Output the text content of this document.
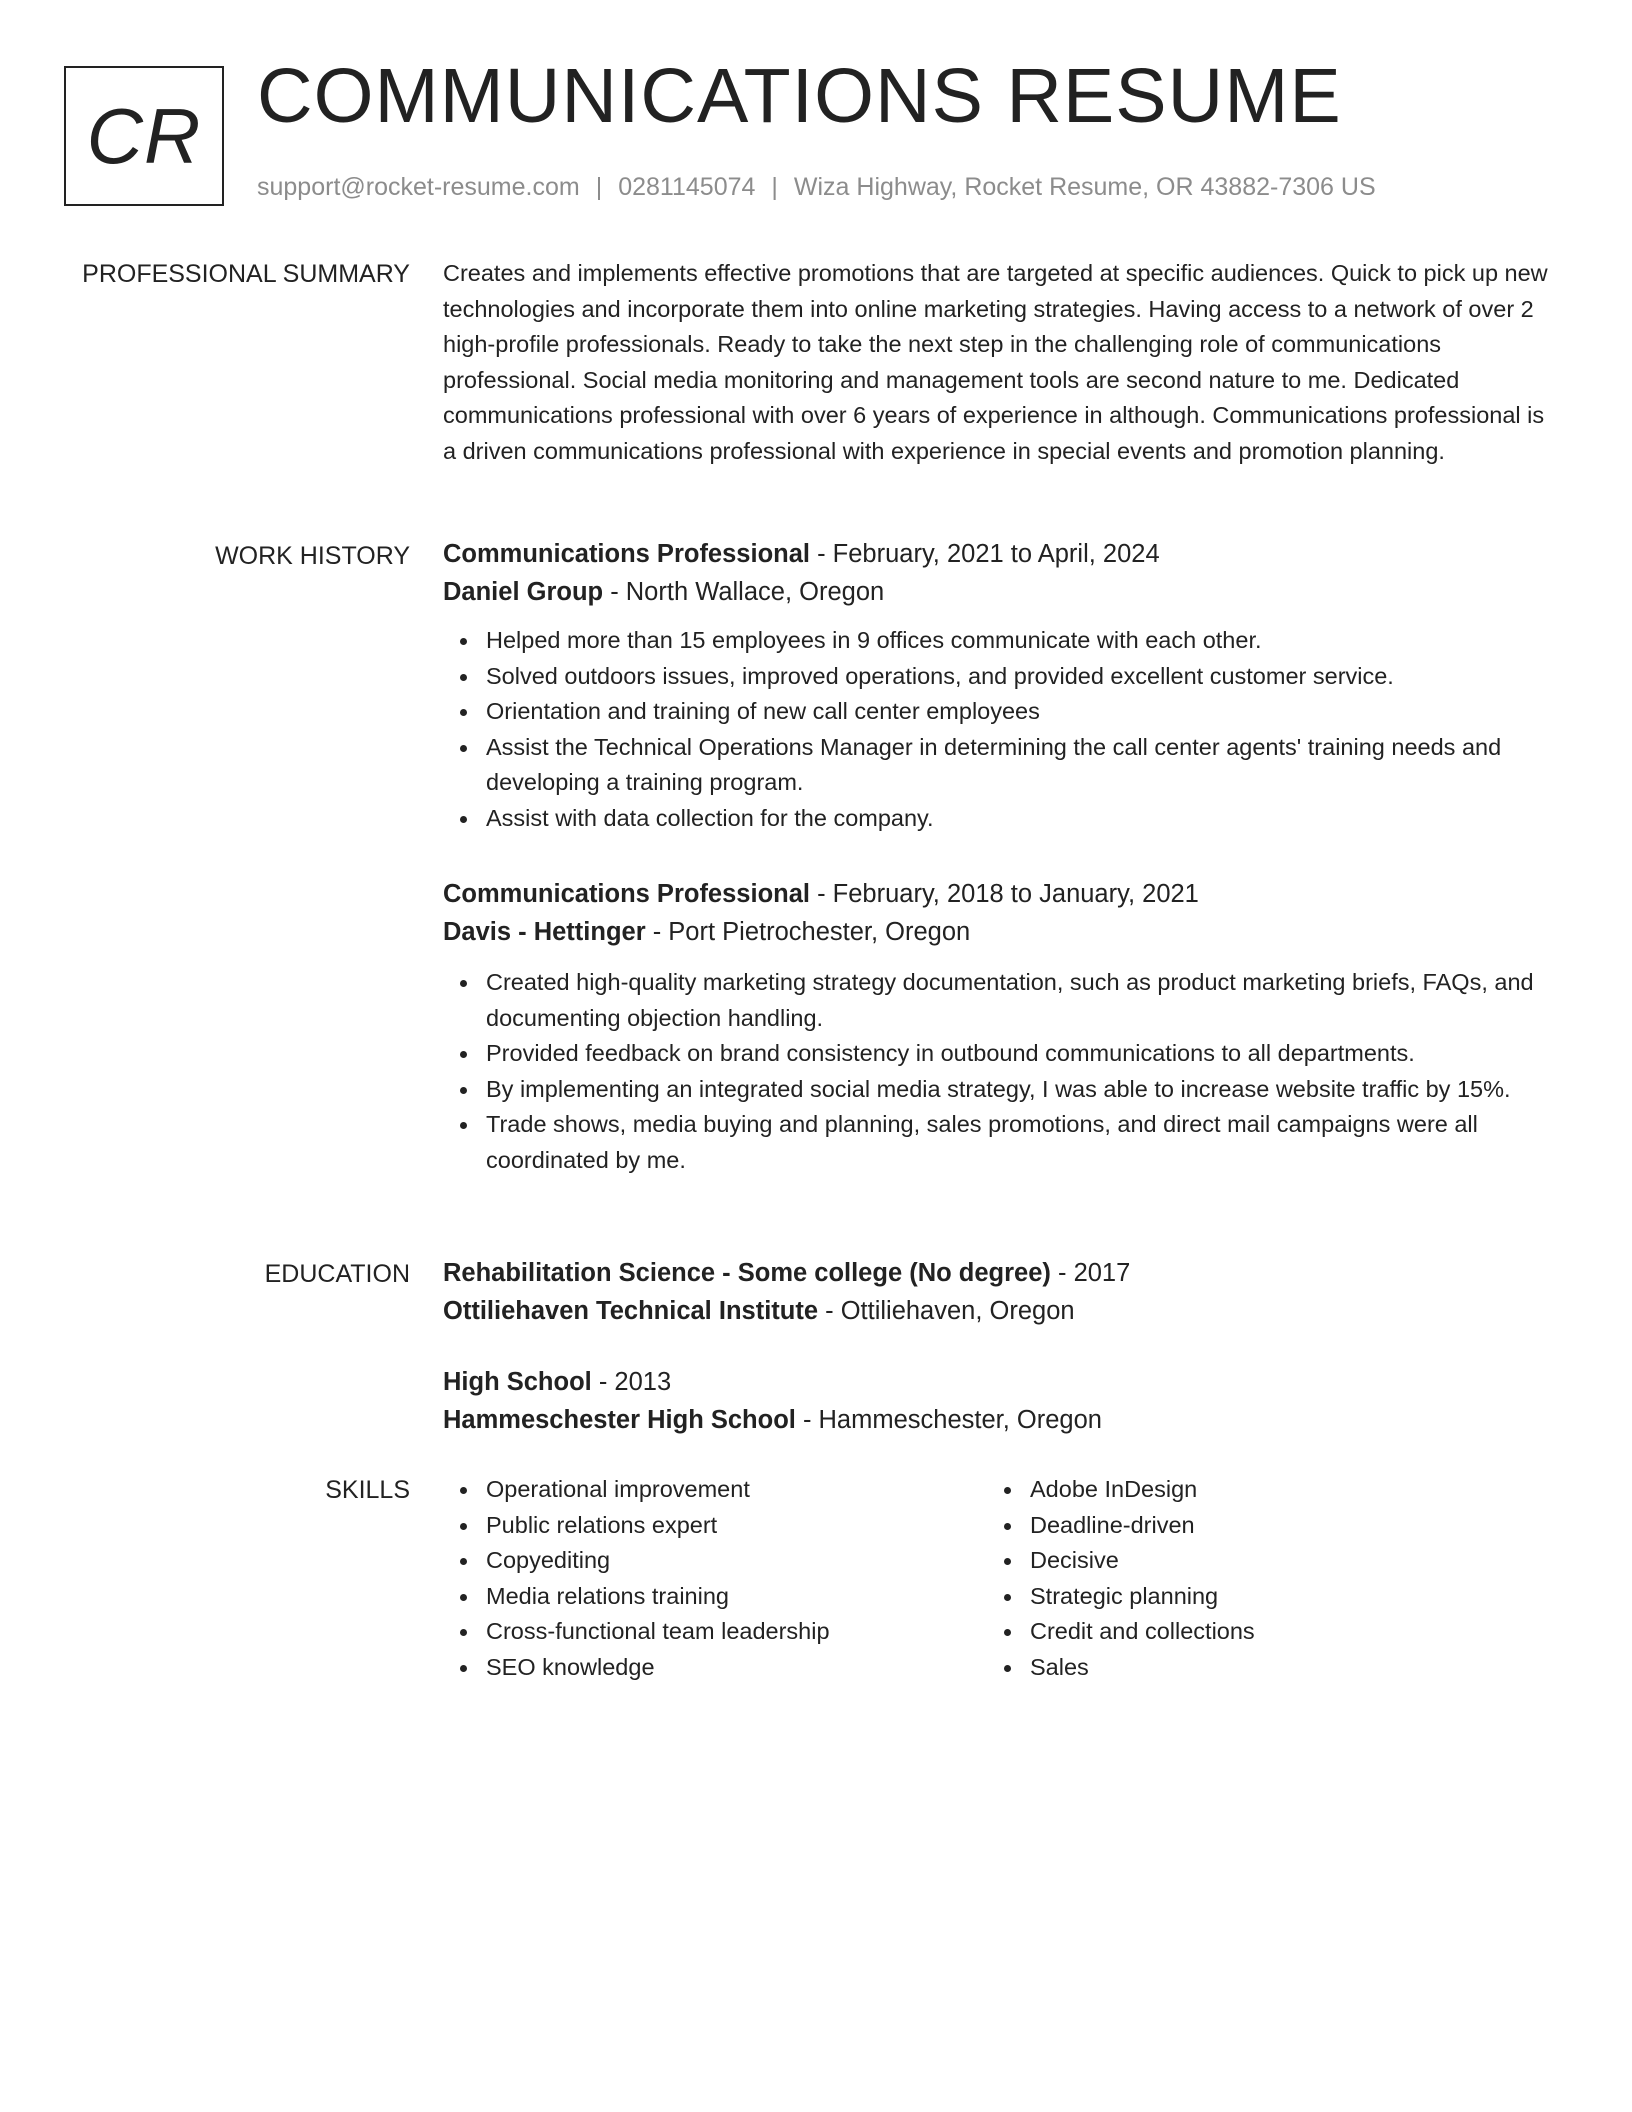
CR COMMUNICATIONS RESUME
support@rocket-resume.com | 0281145074 | Wiza Highway, Rocket Resume, OR 43882-7306 US
PROFESSIONAL SUMMARY Creates and implements effective promotions that are targeted at specific audiences. Quick to pick up new technologies and incorporate them into online marketing strategies. Having access to a network of over 2 high-profile professionals. Ready to take the next step in the challenging role of communications professional. Social media monitoring and management tools are second nature to me. Dedicated communications professional with over 6 years of experience in although. Communications professional is a driven communications professional with experience in special events and promotion planning.
WORK HISTORY Communications Professional - February, 2021 to April, 2024
Daniel Group - North Wallace, Oregon
Helped more than 15 employees in 9 offices communicate with each other.
Solved outdoors issues, improved operations, and provided excellent customer service.
Orientation and training of new call center employees
Assist the Technical Operations Manager in determining the call center agents' training needs and developing a training program.
Assist with data collection for the company.
Communications Professional - February, 2018 to January, 2021
Davis - Hettinger - Port Pietrochester, Oregon
Created high-quality marketing strategy documentation, such as product marketing briefs, FAQs, and documenting objection handling.
Provided feedback on brand consistency in outbound communications to all departments.
By implementing an integrated social media strategy, I was able to increase website traffic by 15%.
Trade shows, media buying and planning, sales promotions, and direct mail campaigns were all coordinated by me.
EDUCATION Rehabilitation Science - Some college (No degree) - 2017
Ottiliehaven Technical Institute - Ottiliehaven, Oregon
High School - 2013
Hammeschester High School - Hammeschester, Oregon
SKILLS	Operational improvement
Public relations expert
Copyediting
Media relations training
Cross-functional team leadership
SEO knowledge
Adobe InDesign
Deadline-driven
Decisive
Strategic planning
Credit and collections
Sales
